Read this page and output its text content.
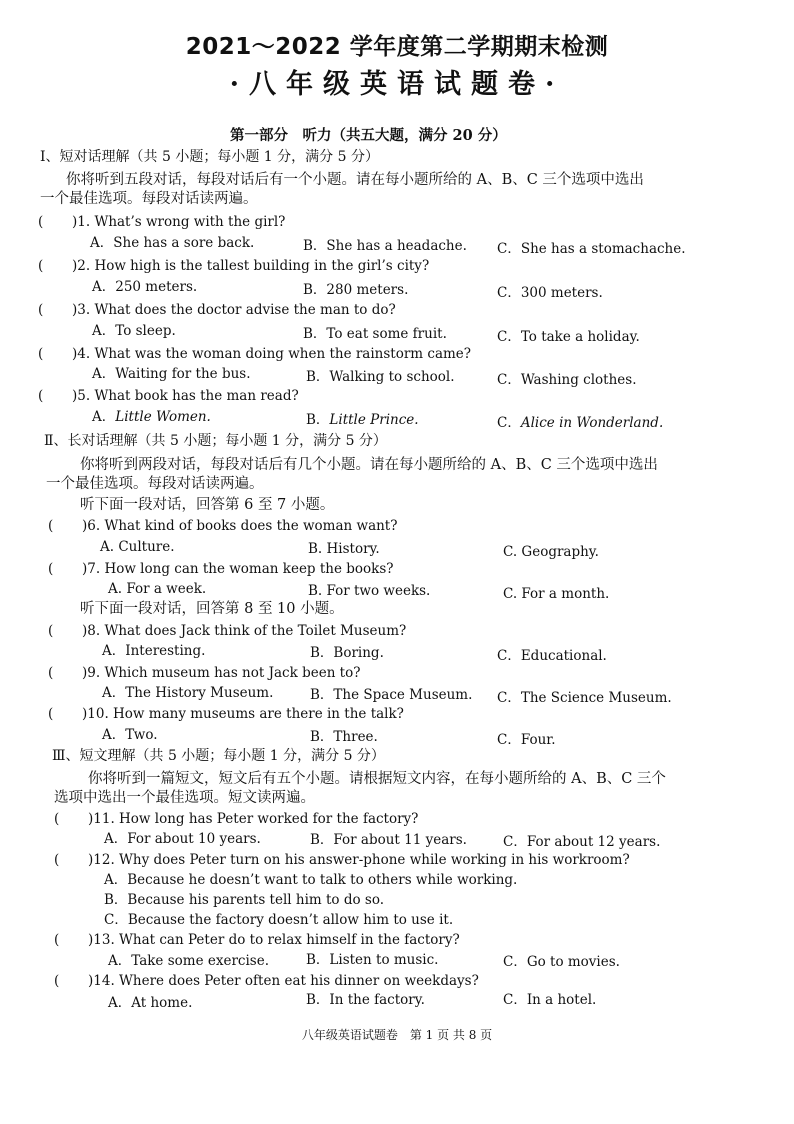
2021～2022 学年度第二学期期末检测
·八年级英语试题卷·
第一部分　听力（共五大题，满分 20 分）
Ⅰ、短对话理解（共 5 小题；每小题 1 分，满分 5 分）
你将听到五段对话，每段对话后有一个小题。请在每小题所给的 A、B、C 三个选项中选出
一个最佳选项。每段对话读两遍。
( )1. What’s wrong with the girl?
A．She has a sore back.	B．She has a headache. C．She has a stomachache.
( )2. How high is the tallest building in the girl’s city?
A．250 meters.	B．280 meters.	C．300 meters.
( )3. What does the doctor advise the man to do?
A．To sleep.	B．To eat some fruit.	C．To take a holiday.
( )4. What was the woman doing when the rainstorm came?
A．Waiting for the bus.	B．Walking to school.	C．Washing clothes.
( )5. What book has the man read?
A．Little Women.	B．Little Prince.	C．Alice in Wonderland.
Ⅱ、长对话理解（共 5 小题；每小题 1 分，满分 5 分）
你将听到两段对话，每段对话后有几个小题。请在每小题所给的 A、B、C 三个选项中选出
一个最佳选项。每段对话读两遍。
听下面一段对话，回答第 6 至 7 小题。
( )6. What kind of books does the woman want?
A. Culture.	B. History.	C. Geography.
( )7. How long can the woman keep the books?
A. For a week.	B. For two weeks.	C. For a month.
听下面一段对话，回答第 8 至 10 小题。
( )8. What does Jack think of the Toilet Museum?
A．Interesting.	B．Boring.	C．Educational.
( )9. Which museum has not Jack been to?
A．The History Museum.	B．The Space Museum. C．The Science Museum.
( )10. How many museums are there in the talk?
A．Two.	B．Three.	C．Four.
Ⅲ、短文理解（共 5 小题；每小题 1 分，满分 5 分）
你将听到一篇短文，短文后有五个小题。请根据短文内容，在每小题所给的 A、B、C 三个
选项中选出一个最佳选项。短文读两遍。
( )11. How long has Peter worked for the factory?
A．For about 10 years.	B．For about 11 years.	C．For about 12 years.
( )12. Why does Peter turn on his answer-phone while working in his workroom?
A．Because he doesn’t want to talk to others while working.
B．Because his parents tell him to do so.
C．Because the factory doesn’t allow him to use it.
( )13. What can Peter do to relax himself in the factory?
A．Take some exercise.	B．Listen to music.	C．Go to movies.
( )14. Where does Peter often eat his dinner on weekdays?
A．At home.	B．In the factory.	C．In a hotel.
八年级英语试题卷　第 1 页 共 8 页
